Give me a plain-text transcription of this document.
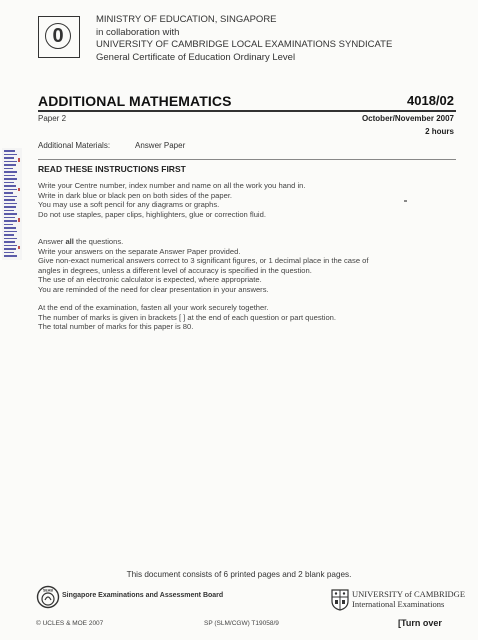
0
MINISTRY OF EDUCATION, SINGAPORE
in collaboration with
UNIVERSITY OF CAMBRIDGE LOCAL EXAMINATIONS SYNDICATE
General Certificate of Education Ordinary Level
ADDITIONAL MATHEMATICS	4018/02
Paper 2	October/November 2007
2 hours
Additional Materials:	Answer Paper
READ THESE INSTRUCTIONS FIRST
Write your Centre number, index number and name on all the work you hand in.
Write in dark blue or black pen on both sides of the paper.
You may use a soft pencil for any diagrams or graphs.
Do not use staples, paper clips, highlighters, glue or correction fluid.
Answer all the questions.
Write your answers on the separate Answer Paper provided.
Give non-exact numerical answers correct to 3 significant figures, or 1 decimal place in the case of
angles in degrees, unless a different level of accuracy is specified in the question.
The use of an electronic calculator is expected, where appropriate.
You are reminded of the need for clear presentation in your answers.
At the end of the examination, fasten all your work securely together.
The number of marks is given in brackets [ ] at the end of each question or part question.
The total number of marks for this paper is 80.
This document consists of 6 printed pages and 2 blank pages.
SEAB
Singapore Examinations and Assessment Board	UNIVERSITY of CAMBRIDGE
International Examinations
© UCLES & MOE 2007	SP (SLM/CGW) T19058/9	[Turn over
